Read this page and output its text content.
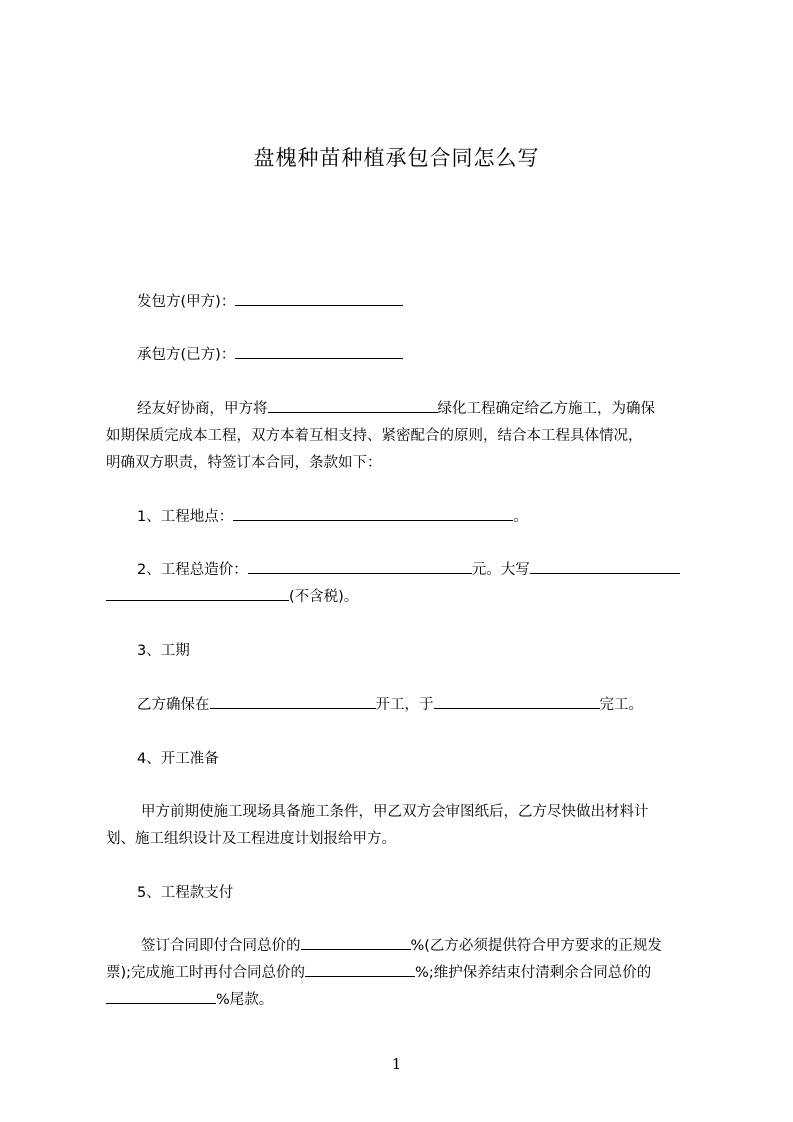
盘槐种苗种植承包合同怎么写
发包方(甲方)：
承包方(已方)：
经友好协商，甲方将	绿化工程确定给乙方施工，为确保
如期保质完成本工程，双方本着互相支持、紧密配合的原则，结合本工程具体情况，
明确双方职责，特签订本合同，条款如下：
1、工程地点：	。
2、工程总造价：	元。大写
(不含税)。
3、工期
乙方确保在	开工，于	完工。
4、开工准备
甲方前期使施工现场具备施工条件，甲乙双方会审图纸后，乙方尽快做出材料计
划、施工组织设计及工程进度计划报给甲方。
5、工程款支付
签订合同即付合同总价的	%(乙方必须提供符合甲方要求的正规发
票);完成施工时再付合同总价的	%;维护保养结束付清剩余合同总价的
%尾款。
1
